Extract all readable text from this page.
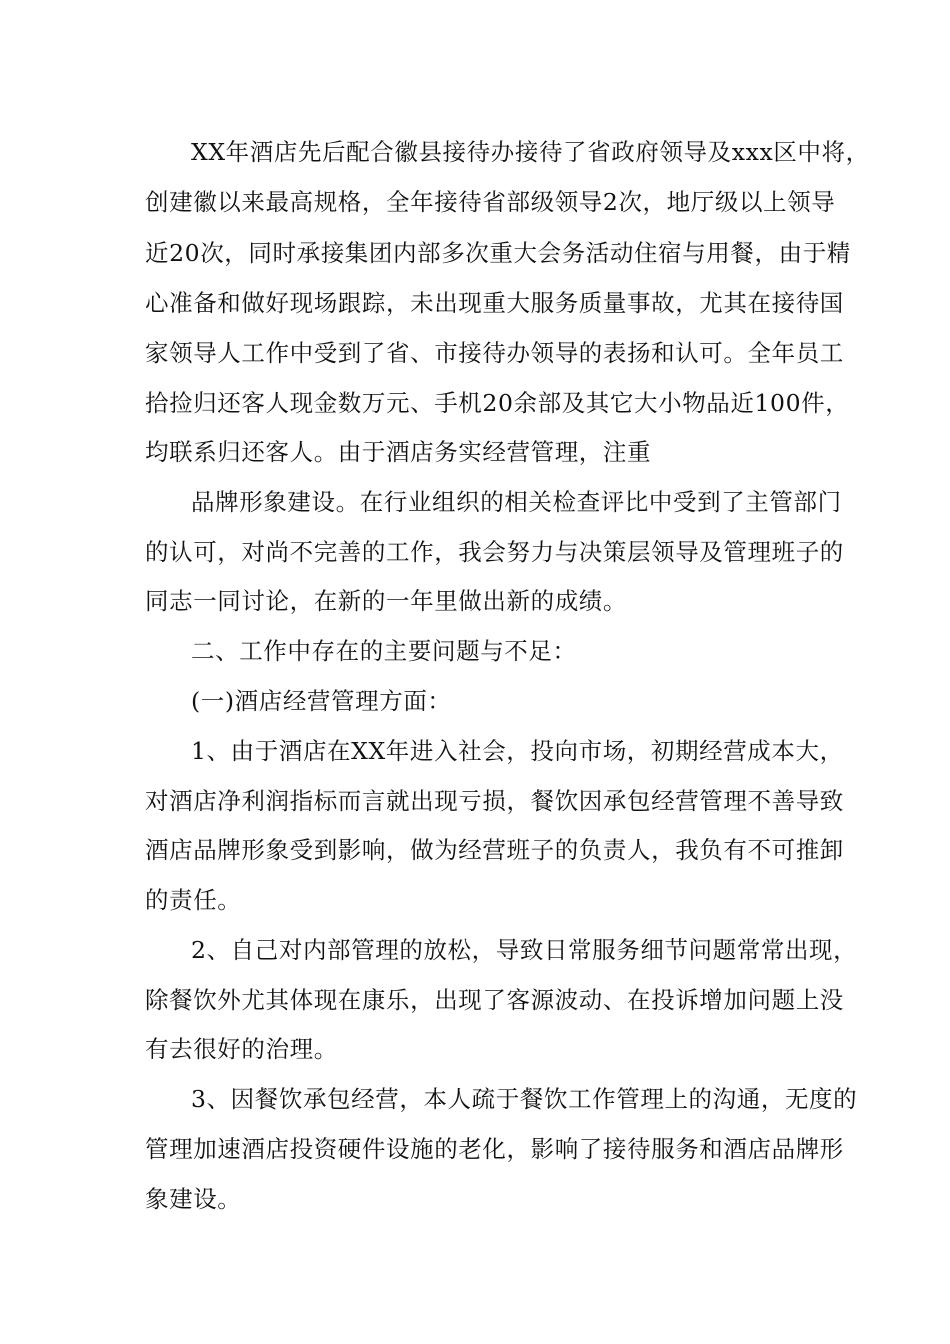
XX年酒店先后配合徽县接待办接待了省政府领导及xxx区中将，
创建徽以来最高规格，全年接待省部级领导2次，地厅级以上领导
近20次，同时承接集团内部多次重大会务活动住宿与用餐，由于精
心准备和做好现场跟踪，未出现重大服务质量事故，尤其在接待国
家领导人工作中受到了省、市接待办领导的表扬和认可。全年员工
拾捡归还客人现金数万元、手机20余部及其它大小物品近100件，
均联系归还客人。由于酒店务实经营管理，注重
品牌形象建设。在行业组织的相关检查评比中受到了主管部门
的认可，对尚不完善的工作，我会努力与决策层领导及管理班子的
同志一同讨论，在新的一年里做出新的成绩。
二、工作中存在的主要问题与不足：
(一)酒店经营管理方面：
1、由于酒店在XX年进入社会，投向市场，初期经营成本大，
对酒店净利润指标而言就出现亏损，餐饮因承包经营管理不善导致
酒店品牌形象受到影响，做为经营班子的负责人，我负有不可推卸
的责任。
2、自己对内部管理的放松，导致日常服务细节问题常常出现，
除餐饮外尤其体现在康乐，出现了客源波动、在投诉增加问题上没
有去很好的治理。
3、因餐饮承包经营，本人疏于餐饮工作管理上的沟通，无度的
管理加速酒店投资硬件设施的老化，影响了接待服务和酒店品牌形
象建设。
